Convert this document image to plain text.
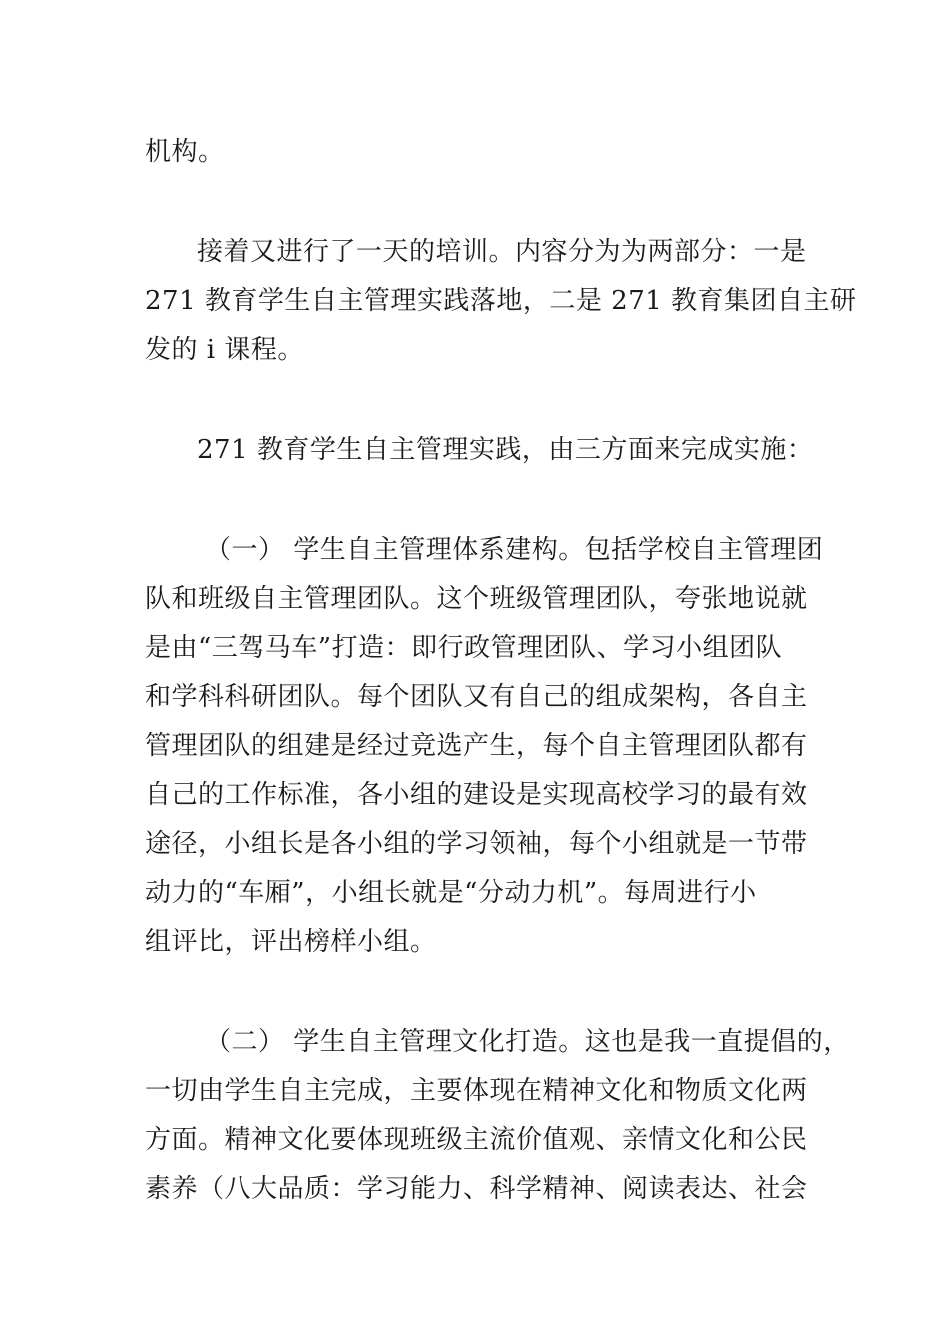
机构。

接着又进行了一天的培训。内容分为为两部分：一是
271 教育学生自主管理实践落地，二是 271 教育集团自主研
发的 i 课程。

271 教育学生自主管理实践，由三方面来完成实施：

（一） 学生自主管理体系建构。包括学校自主管理团
队和班级自主管理团队。这个班级管理团队，夸张地说就
是由“三驾马车”打造：即行政管理团队、学习小组团队
和学科科研团队。每个团队又有自己的组成架构，各自主
管理团队的组建是经过竞选产生，每个自主管理团队都有
自己的工作标准，各小组的建设是实现高校学习的最有效
途径，小组长是各小组的学习领袖，每个小组就是一节带
动力的“车厢”，小组长就是“分动力机”。每周进行小
组评比，评出榜样小组。

（二） 学生自主管理文化打造。这也是我一直提倡的，
一切由学生自主完成，主要体现在精神文化和物质文化两
方面。精神文化要体现班级主流价值观、亲情文化和公民
素养（八大品质：学习能力、科学精神、阅读表达、社会
